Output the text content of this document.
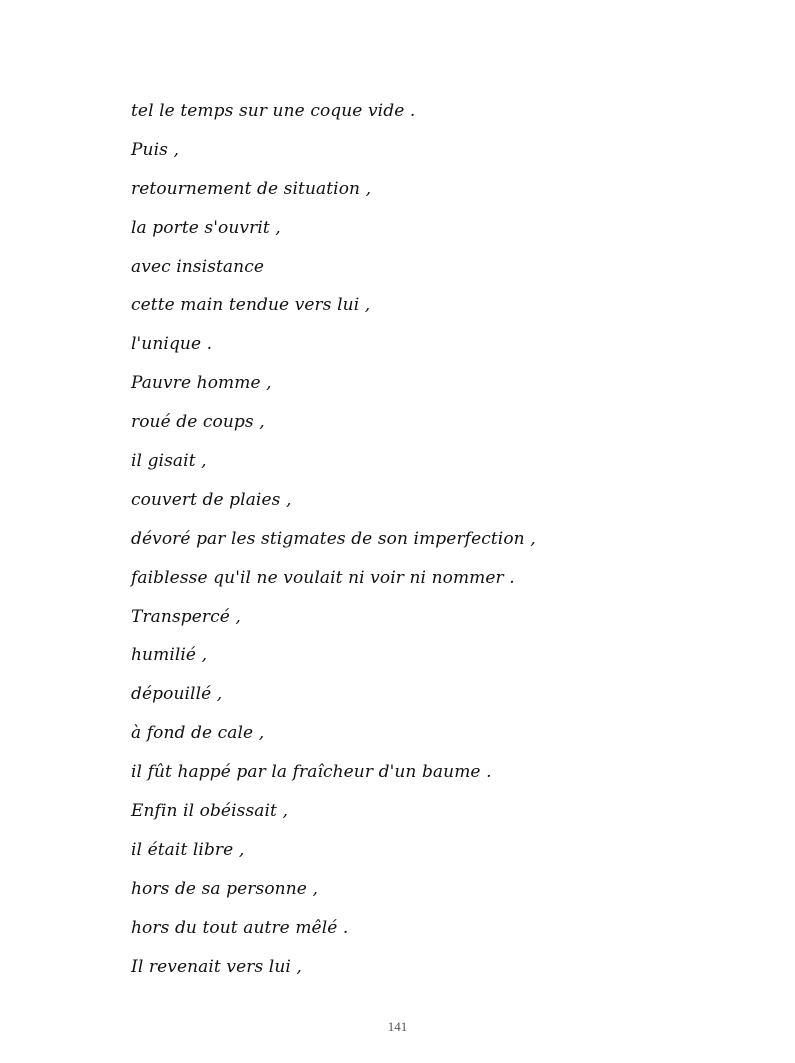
tel le temps sur une coque vide .
Puis ,
retournement de situation ,
la porte s'ouvrit ,
avec insistance
cette main tendue vers lui ,
l'unique .
Pauvre homme ,
roué de coups ,
il gisait ,
couvert de plaies ,
dévoré par les stigmates de son imperfection ,
faiblesse qu'il ne voulait ni voir ni nommer .
Transpercé ,
humilié ,
dépouillé ,
à fond de cale ,
il fût happé par la fraîcheur d'un baume .
Enfin il obéissait ,
il était libre ,
hors de sa personne ,
hors du tout autre mêlé .
Il revenait vers lui ,
141
